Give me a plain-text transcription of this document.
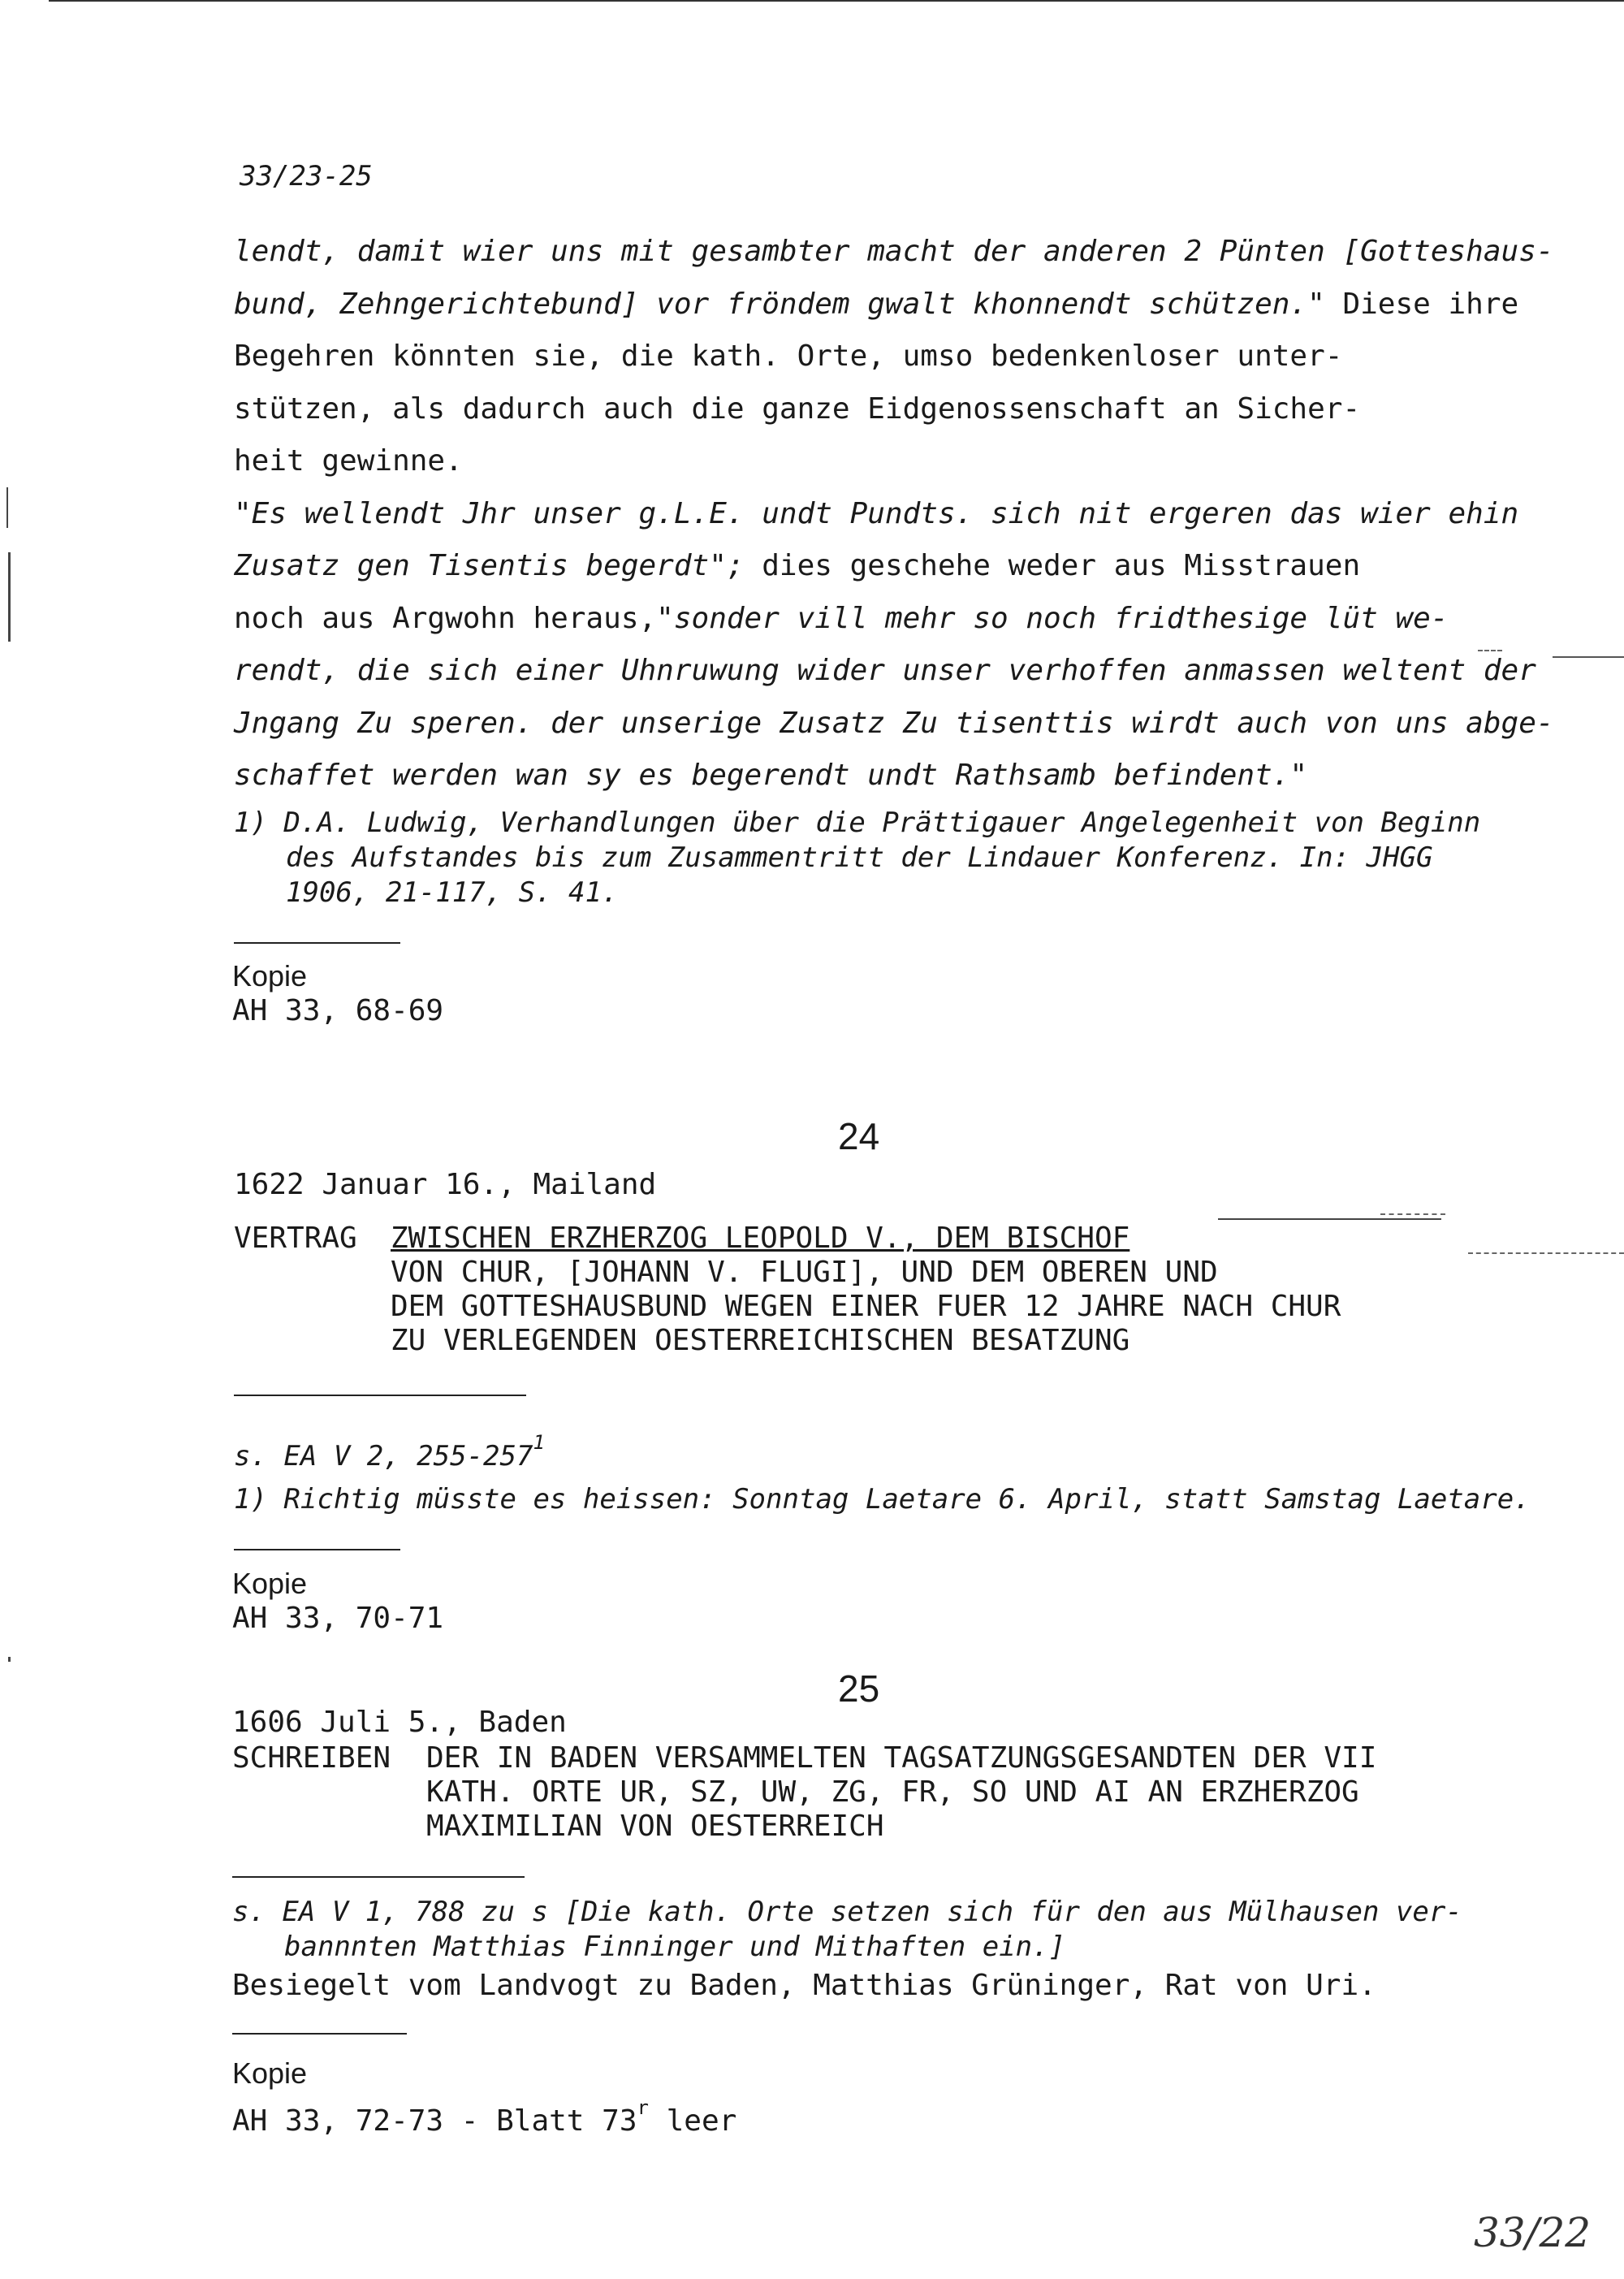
33/23-25

lendt, damit wier uns mit gesambter macht der anderen 2 Pünten [Gotteshaus-

bund, Zehngerichtebund] vor fröndem gwalt khonnendt schützen." Diese ihre

Begehren könnten sie, die kath. Orte, umso bedenkenloser unter-

stützen, als dadurch auch die ganze Eidgenossenschaft an Sicher-

heit gewinne.

"Es wellendt Jhr unser g.L.E. undt Pundts. sich nit ergeren das wier ehin

Zusatz gen Tisentis begerdt"; dies geschehe weder aus Misstrauen

noch aus Argwohn heraus,"sonder vill mehr so noch fridthesige lüt we-

rendt, die sich einer Uhnruwung wider unser verhoffen anmassen weltent der

Jngang Zu speren. der unserige Zusatz Zu tisenttis wirdt auch von uns abge-

schaffet werden wan sy es begerendt undt Rathsamb befindent."

1) D.A. Ludwig, Verhandlungen über die Prättigauer Angelegenheit von Beginn
des Aufstandes bis zum Zusammentritt der Lindauer Konferenz. In: JHGG
1906, 21-117, S. 41.
Kopie
AH 33, 68-69
24
1622 Januar 16., Mailand
VERTRAG ZWISCHEN ERZHERZOG LEOPOLD V., DEM BISCHOF
VON CHUR, [JOHANN V. FLUGI], UND DEM OBEREN UND
DEM GOTTESHAUSBUND WEGEN EINER FUER 12 JAHRE NACH CHUR
ZU VERLEGENDEN OESTERREICHISCHEN BESATZUNG
s. EA V 2, $255-257^1$
1) Richtig müsste es heissen: Sonntag Laetare 6. April, statt Samstag Laetare.
Kopie
AH 33, 70-71
25
1606 Juli 5., Baden
SCHREIBEN DER IN BADEN VERSAMMELTEN TAGSATZUNGSGESANDTEN DER VII
KATH. ORTE UR, SZ, UW, ZG, FR, SO UND AI AN ERZHERZOG
MAXIMILIAN VON OESTERREICH
s. EA V 1, 788 zu s [Die kath. Orte setzen sich für den aus Mülhausen ver-
bannnten Matthias Finninger und Mithaften ein.]
Besiegelt vom Landvogt zu Baden, Matthias Grüninger, Rat von Uri.
Kopie
AH 33, 72-73 - Blatt 73$^r$ leer
33/22
